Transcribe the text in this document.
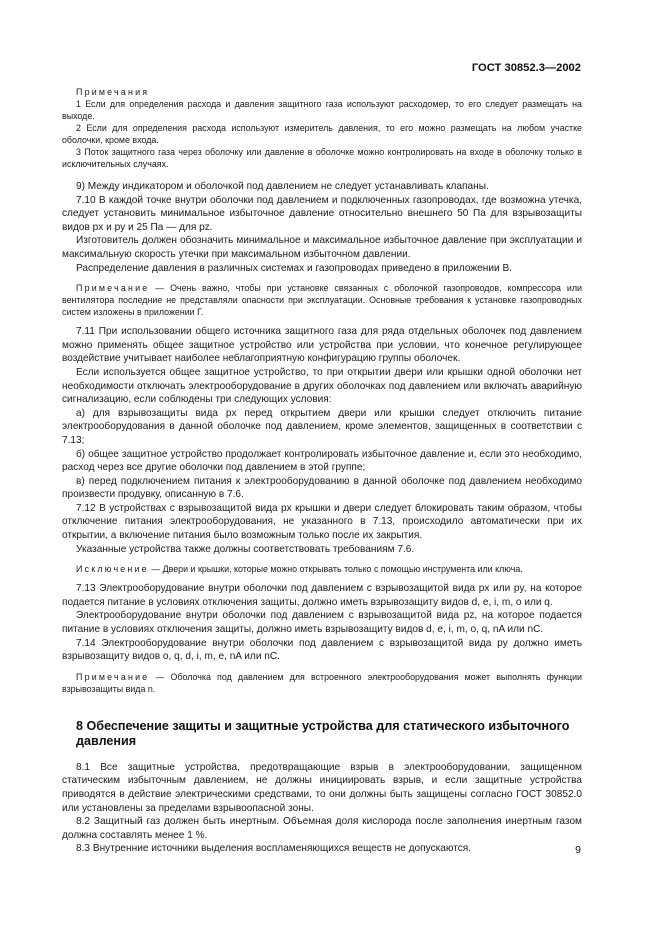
ГОСТ 30852.3—2002

Примечания

1 Если для определения расхода и давления защитного газа используют расходомер, то его следует размещать на выходе.

2 Если для определения расхода используют измеритель давления, то его можно размещать на любом участке оболочки, кроме входа.

3 Поток защитного газа через оболочку или давление в оболочке можно контролировать на входе в оболочку только в исключительных случаях.

9) Между индикатором и оболочкой под давлением не следует устанавливать клапаны.

7.10 В каждой точке внутри оболочки под давлением и подключенных газопроводах, где возможна утечка, следует установить минимальное избыточное давление относительно внешнего 50 Па для взрывозащиты видов px и py и 25 Па — для pz.

Изготовитель должен обозначить минимальное и максимальное избыточное давление при эксплуатации и максимальную скорость утечки при максимальном избыточном давлении.

Распределение давления в различных системах и газопроводах приведено в приложении В.

Примечание — Очень важно, чтобы при установке связанных с оболочкой газопроводов, компрессора или вентилятора последние не представляли опасности при эксплуатации. Основные требования к установке газопроводных систем изложены в приложении Г.

7.11 При использовании общего источника защитного газа для ряда отдельных оболочек под давлением можно применять общее защитное устройство или устройства при условии, что конечное регулирующее воздействие учитывает наиболее неблагоприятную конфигурацию группы оболочек.

Если используется общее защитное устройство, то при открытии двери или крышки одной оболочки нет необходимости отключать электрооборудование в других оболочках под давлением или включать аварийную сигнализацию, если соблюдены три следующих условия:

а) для взрывозащиты вида px перед открытием двери или крышки следует отключить питание электрооборудования в данной оболочке под давлением, кроме элементов, защищенных в соответствии с 7.13;

б) общее защитное устройство продолжает контролировать избыточное давление и, если это необходимо, расход через все другие оболочки под давлением в этой группе;

в) перед подключением питания к электрооборудованию в данной оболочке под давлением необходимо произвести продувку, описанную в 7.6.

7.12 В устройствах с взрывозащитой вида px крышки и двери следует блокировать таким образом, чтобы отключение питания электрооборудования, не указанного в 7.13, происходило автоматически при их открытии, а включение питания было возможным только после их закрытия.

Указанные устройства также должны соответствовать требованиям 7.6.

Исключение — Двери и крышки, которые можно открывать только с помощью инструмента или ключа.

7.13 Электрооборудование внутри оболочки под давлением с взрывозащитой вида px или py, на которое подается питание в условиях отключения защиты, должно иметь взрывозащиту видов d, e, i, m, o или q.

Электрооборудование внутри оболочки под давлением с взрывозащитой вида pz, на которое подается питание в условиях отключения защиты, должно иметь взрывозащиту видов d, e, i, m, o, q, nA или nC.

7.14 Электрооборудование внутри оболочки под давлением с взрывозащитой вида py должно иметь взрывозащиту видов o, q, d, i, m, e, nA или nC.

Примечание — Оболочка под давлением для встроенного электрооборудования может выполнять функции взрывозащиты вида n.

8 Обеспечение защиты и защитные устройства для статического избыточного давления

8.1 Все защитные устройства, предотвращающие взрыв в электрооборудовании, защищенном статическим избыточным давлением, не должны инициировать взрыв, и если защитные устройства приводятся в действие электрическими средствами, то они должны быть защищены согласно ГОСТ 30852.0 или установлены за пределами взрывоопасной зоны.

8.2 Защитный газ должен быть инертным. Объемная доля кислорода после заполнения инертным газом должна составлять менее 1 %.

8.3 Внутренние источники выделения воспламеняющихся веществ не допускаются.	9
